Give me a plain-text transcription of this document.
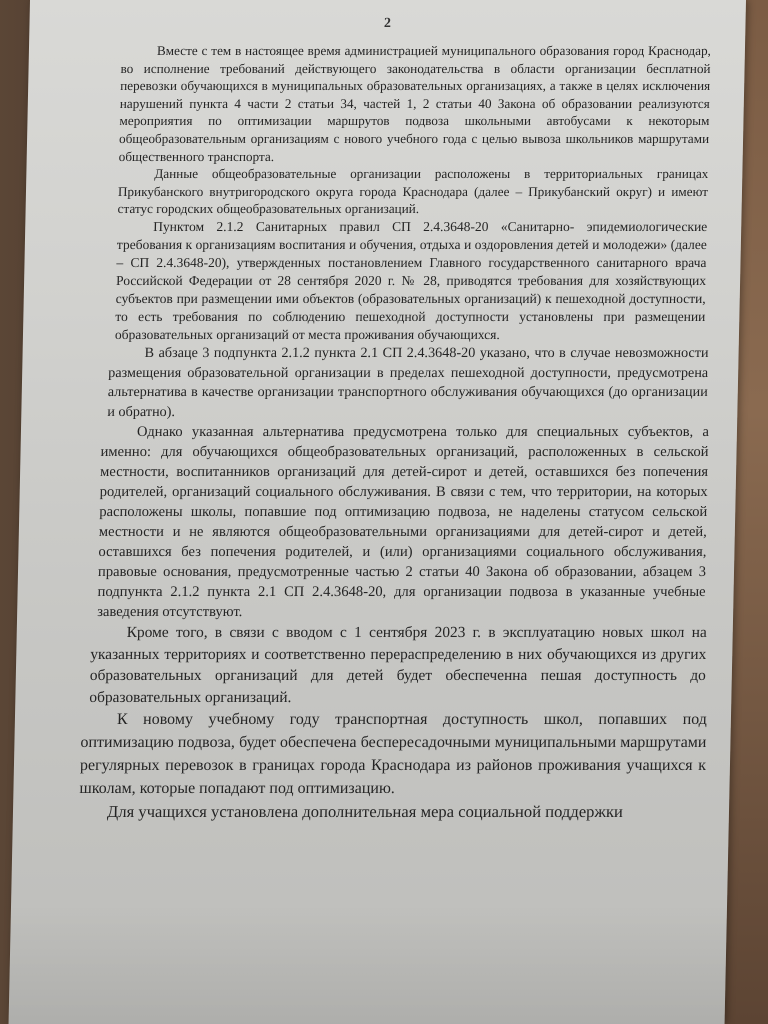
2

Вместе с тем в настоящее время администрацией муниципального образования город Краснодар, во исполнение требований действующего законодательства в области организации бесплатной перевозки обучающихся в муниципальных образовательных организациях, а также в целях исключения нарушений пункта 4 части 2 статьи 34, частей 1, 2 статьи 40 Закона об образовании реализуются мероприятия по оптимизации маршрутов подвоза школьными автобусами к некоторым общеобразовательным организациям с нового учебного года с целью вывоза школьников маршрутами общественного транспорта.

Данные общеобразовательные организации расположены в территориальных границах Прикубанского внутригородского округа города Краснодара (далее – Прикубанский округ) и имеют статус городских общеобразовательных организаций.

Пунктом 2.1.2 Санитарных правил СП 2.4.3648-20 «Санитарно- эпидемиологические требования к организациям воспитания и обучения, отдыха и оздоровления детей и молодежи» (далее – СП 2.4.3648-20), утвержденных постановлением Главного государственного санитарного врача Российской Федерации от 28 сентября 2020 г. № 28, приводятся требования для хозяйствующих субъектов при размещении ими объектов (образовательных организаций) к пешеходной доступности, то есть требования по соблюдению пешеходной доступности установлены при размещении образовательных организаций от места проживания обучающихся.

В абзаце 3 подпункта 2.1.2 пункта 2.1 СП 2.4.3648-20 указано, что в случае невозможности размещения образовательной организации в пределах пешеходной доступности, предусмотрена альтернатива в качестве организации транспортного обслуживания обучающихся (до организации и обратно).

Однако указанная альтернатива предусмотрена только для специальных субъектов, а именно: для обучающихся общеобразовательных организаций, расположенных в сельской местности, воспитанников организаций для детей-сирот и детей, оставшихся без попечения родителей, организаций социального обслуживания. В связи с тем, что территории, на которых расположены школы, попавшие под оптимизацию подвоза, не наделены статусом сельской местности и не являются общеобразовательными организациями для детей-сирот и детей, оставшихся без попечения родителей, и (или) организациями социального обслуживания, правовые основания, предусмотренные частью 2 статьи 40 Закона об образовании, абзацем 3 подпункта 2.1.2 пункта 2.1 СП 2.4.3648-20, для организации подвоза в указанные учебные заведения отсутствуют.

Кроме того, в связи с вводом с 1 сентября 2023 г. в эксплуатацию новых школ на указанных территориях и соответственно перераспределению в них обучающихся из других образовательных организаций для детей будет обеспеченна пешая доступность до образовательных организаций.

К новому учебному году транспортная доступность школ, попавших под оптимизацию подвоза, будет обеспечена беспересадочными муниципальными маршрутами регулярных перевозок в границах города Краснодара из районов проживания учащихся к школам, которые попадают под оптимизацию.

Для учащихся установлена дополнительная мера социальной поддержки
